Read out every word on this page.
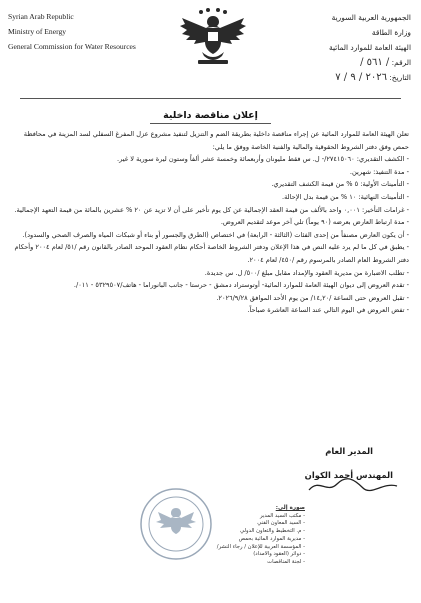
Syrian Arab Republic
Ministry of Energy
General Commission for Water Resources
الجمهورية العربية السورية
وزارة الطاقة
الهيئة العامة للموارد المائية
الرقم: / ٥٦١ /
التاريخ: ٢٠٢٦ / ٩ / ٧
إعلان مناقصة داخلية

تعلن الهيئة العامة للموارد المائية عن إجراء مناقصة داخلية بطريقة الضم و التنزيل لتنفيذ مشروع عزل المفرغ السفلي لسد المزينة في محافظة حمص وفق دفتر الشروط الحقوقية والمالية والفنية الخاصة ووفق ما يلي:

- الكشف التقديري: ٢٧٤١٥٠٦٠/- ل. س فقط مليونان وأربعمائة وخمسة عشر ألفاً وستون ليرة سورية لا غير.

- مدة التنفيذ: شهرين.

- التأمينات الأولية: ٥ % من قيمة الكشف التقديري.

- التأمينات النهائية: ١٠ % من قيمة بدل الإحالة.

- غرامات التأخير: ٠,٠٠١ واحد بالألف من قيمة العقد الإجمالية عن كل يوم تأخير على أن لا تزيد عن ٢٠ % عشرين بالمائة من قيمة التعهد الإجمالية.

- مدة ارتباط العارض بعرضه (٩٠ يوماً) تلي آخر موعد لتقديم العروض.

- أن يكون العارض مصنفاً من إحدى الفئات (الثالثة - الرابعة) في اختصاص (الطرق والجسور أو بناء أو شبكات المياه والصرف الصحي والسدود).

- يطبق في كل ما لم يرد عليه النص في هذا الإعلان ودفتر الشروط الخاصة أحكام نظام العقود الموحد الصادر بالقانون رقم /٥١/ لعام ٢٠٠٤ وأحكام دفتر الشروط العام الصادر بالمرسوم رقم /٤٥٠/ لعام ٢٠٠٤.

- تطلب الاضبارة من مديرية العقود والإمداد مقابل مبلغ /٥٠٠/ ل. س جديدة.

- تقدم العروض إلى ديوان الهيئة العامة للموارد المائية- أوتوستراد دمشق - حرستا - جانب البانوراما - هاتف/٥٣٢٩٥٠٧ - ٠١١/.

- تقبل العروض حتى الساعة /١٤,٢٠/ من يوم الأحد الموافق ٢٠٢٦/٩/٢٨.

- تفض العروض في اليوم التالي عند الساعة العاشرة صباحاً.

المدير العام
المهندس أحمد الكوان
صورة إلى:
- مكتب السيد المدير
- السيد المعاون الفني
- م. التخطيط والتعاون الدولي
- مديرية الموارد المائية بحمص
- المؤسسة العربية للإعلان / رجاء النشر/
- دوائر (العقود والامداد)
- لجنة المناقصات
